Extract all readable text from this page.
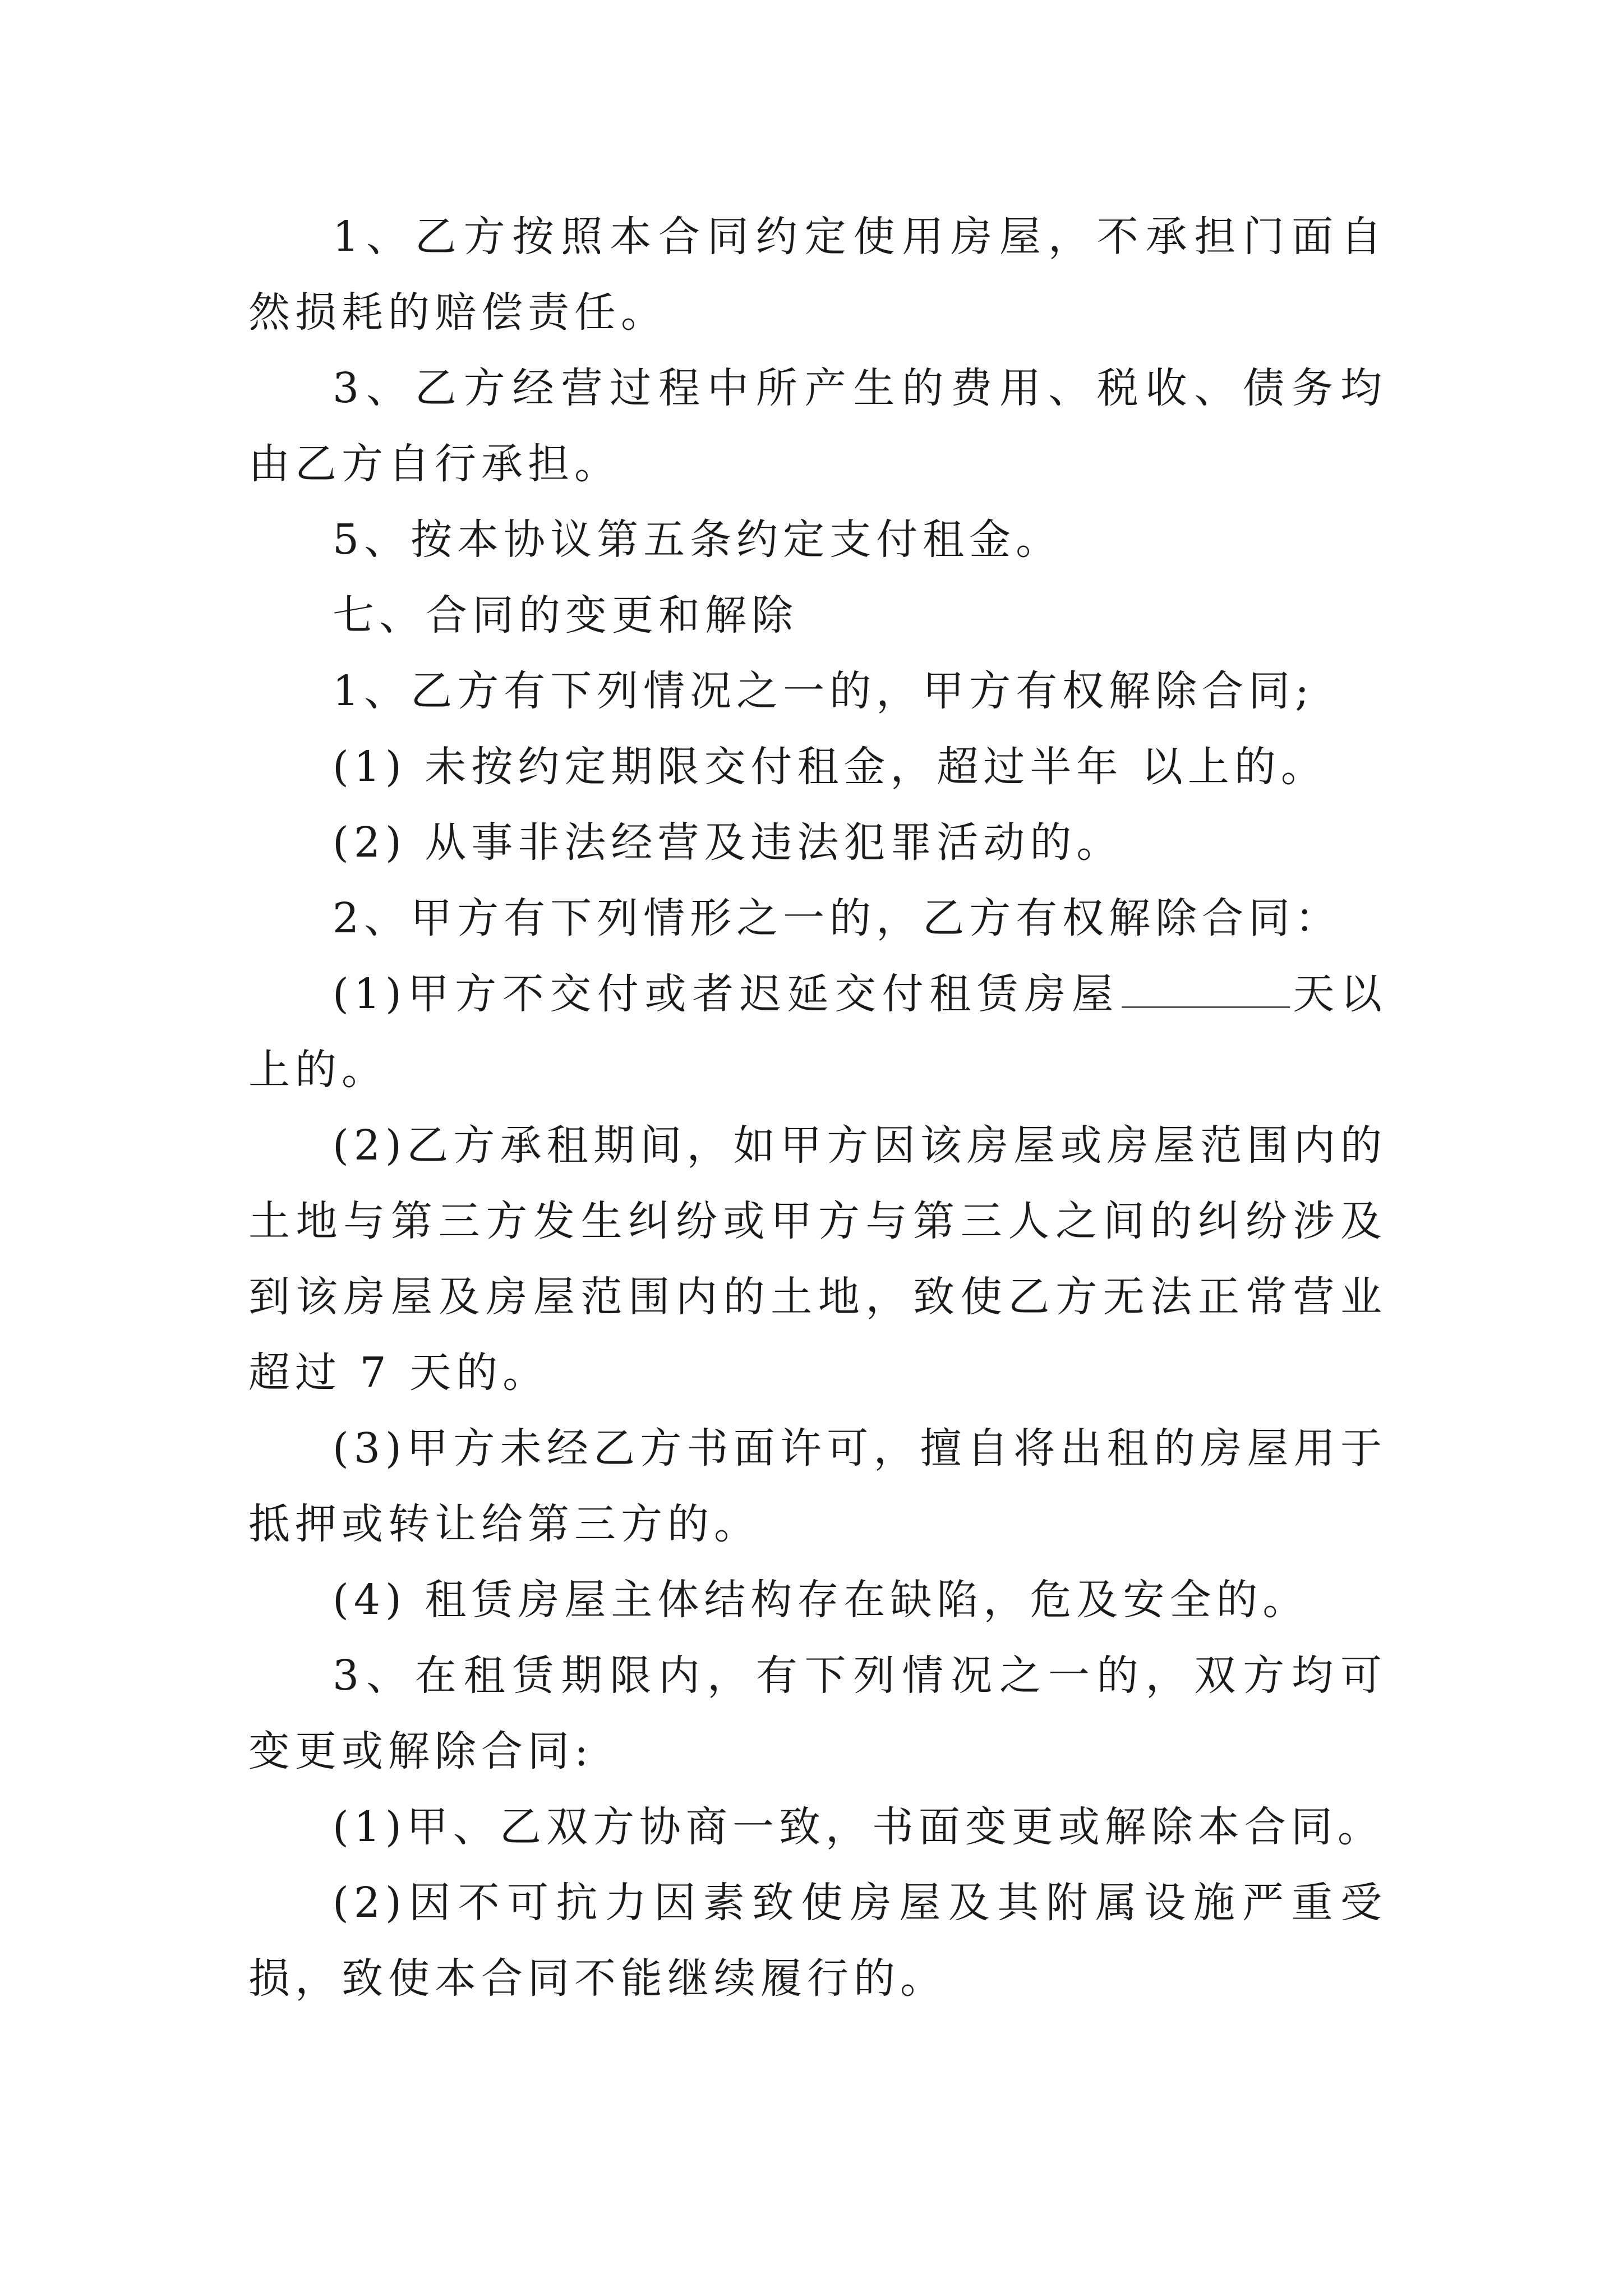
1、乙方按照本合同约定使用房屋，不承担门面自然损耗的赔偿责任。

3、乙方经营过程中所产生的费用、税收、债务均由乙方自行承担。

5、按本协议第五条约定支付租金。

七、合同的变更和解除

1、乙方有下列情况之一的，甲方有权解除合同;

(1) 未按约定期限交付租金，超过半年 以上的。

(2) 从事非法经营及违法犯罪活动的。

2、甲方有下列情形之一的，乙方有权解除合同：

(1)甲方不交付或者迟延交付租赁房屋	天以上的。

(2)乙方承租期间，如甲方因该房屋或房屋范围内的土地与第三方发生纠纷或甲方与第三人之间的纠纷涉及到该房屋及房屋范围内的土地，致使乙方无法正常营业超过 7 天的。

(3)甲方未经乙方书面许可，擅自将出租的房屋用于抵押或转让给第三方的。

(4) 租赁房屋主体结构存在缺陷，危及安全的。

3、在租赁期限内，有下列情况之一的，双方均可变更或解除合同:

(1)甲、乙双方协商一致，书面变更或解除本合同。

(2)因不可抗力因素致使房屋及其附属设施严重受损，致使本合同不能继续履行的。
